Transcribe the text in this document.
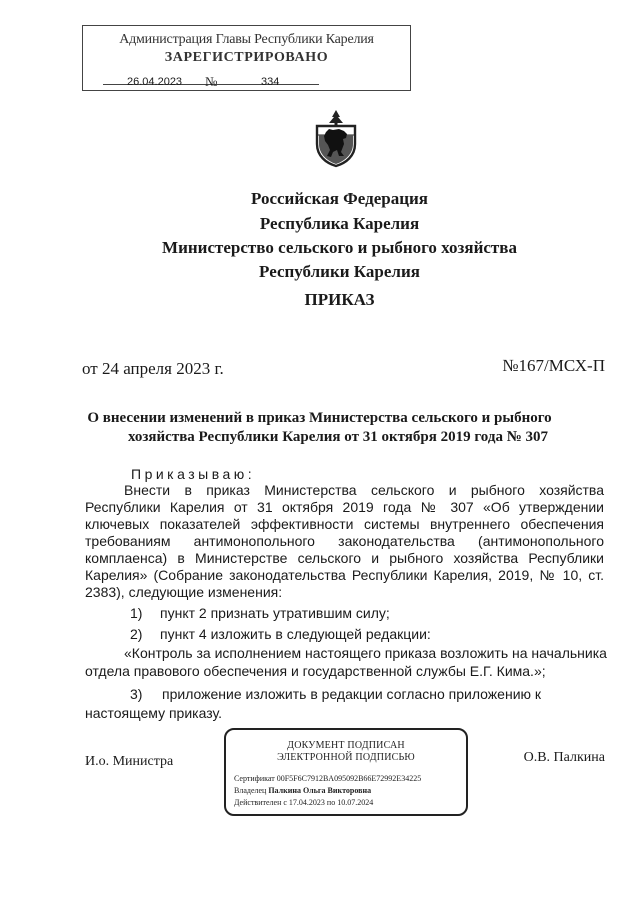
Администрация Главы Республики Карелия
ЗАРЕГИСТРИРОВАНО
26.04.2023 №	334
Российская Федерация
Республика Карелия
Министерство сельского и рыбного хозяйства
Республики Карелия
ПРИКАЗ
от 24 апреля 2023 г.	№167/МСХ-П
О внесении изменений в приказ Министерства сельского и рыбного
хозяйства Республики Карелия от 31 октября 2019 года № 307
Приказываю:
Внести в приказ Министерства сельского и рыбного хозяйства
Республики Карелия от 31 октября 2019 года № 307 «Об утверждении
ключевых показателей эффективности системы внутреннего обеспечения
требованиям антимонопольного законодательства (антимонопольного
комплаенса) в Министерстве сельского и рыбного хозяйства Республики
Карелия» (Собрание законодательства Республики Карелия, 2019, № 10, ст.
2383), следующие изменения:
1) пункт 2 признать утратившим силу;
2) пункт 4 изложить в следующей редакции:
«Контроль за исполнением настоящего приказа возложить на начальника
отдела правового обеспечения и государственной службы Е.Г. Кима.»;
3) приложение изложить в редакции согласно приложению к
настоящему приказу.
И.о. Министра	О.В. Палкина
ДОКУМЕНТ ПОДПИСАН
ЭЛЕКТРОННОЙ ПОДПИСЬЮ
Сертификат 00F5F6C7912BA095092B66E72992E34225
Владелец Палкина Ольга Викторовна
Действителен с 17.04.2023 по 10.07.2024
